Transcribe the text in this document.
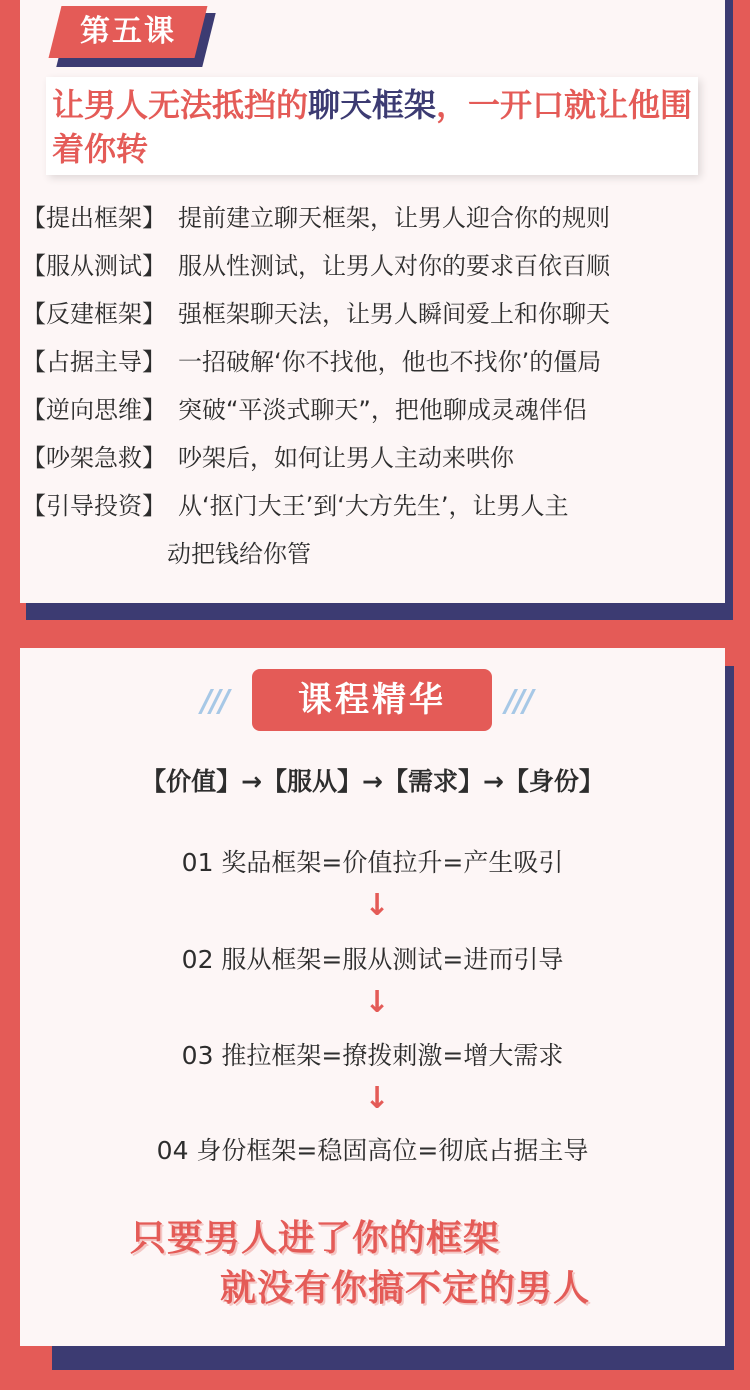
第五课
让男人无法抵挡的聊天框架，一开口就让他围着你转
【提出框架】 提前建立聊天框架，让男人迎合你的规则
【服从测试】 服从性测试，让男人对你的要求百依百顺
【反建框架】 强框架聊天法，让男人瞬间爱上和你聊天
【占据主导】 一招破解‘你不找他，他也不找你’的僵局
【逆向思维】 突破“平淡式聊天”，把他聊成灵魂伴侣
【吵架急救】 吵架后，如何让男人主动来哄你
【引导投资】 从‘抠门大王’到‘大方先生’，让男人主
动把钱给你管
///	课程精华	///
【价值】→【服从】→【需求】→【身份】
01 奖品框架=价值拉升=产生吸引
↓
02 服从框架=服从测试=进而引导
↓
03 推拉框架=撩拨刺激=增大需求
↓
04 身份框架=稳固高位=彻底占据主导
只要男人进了你的框架
就没有你搞不定的男人
